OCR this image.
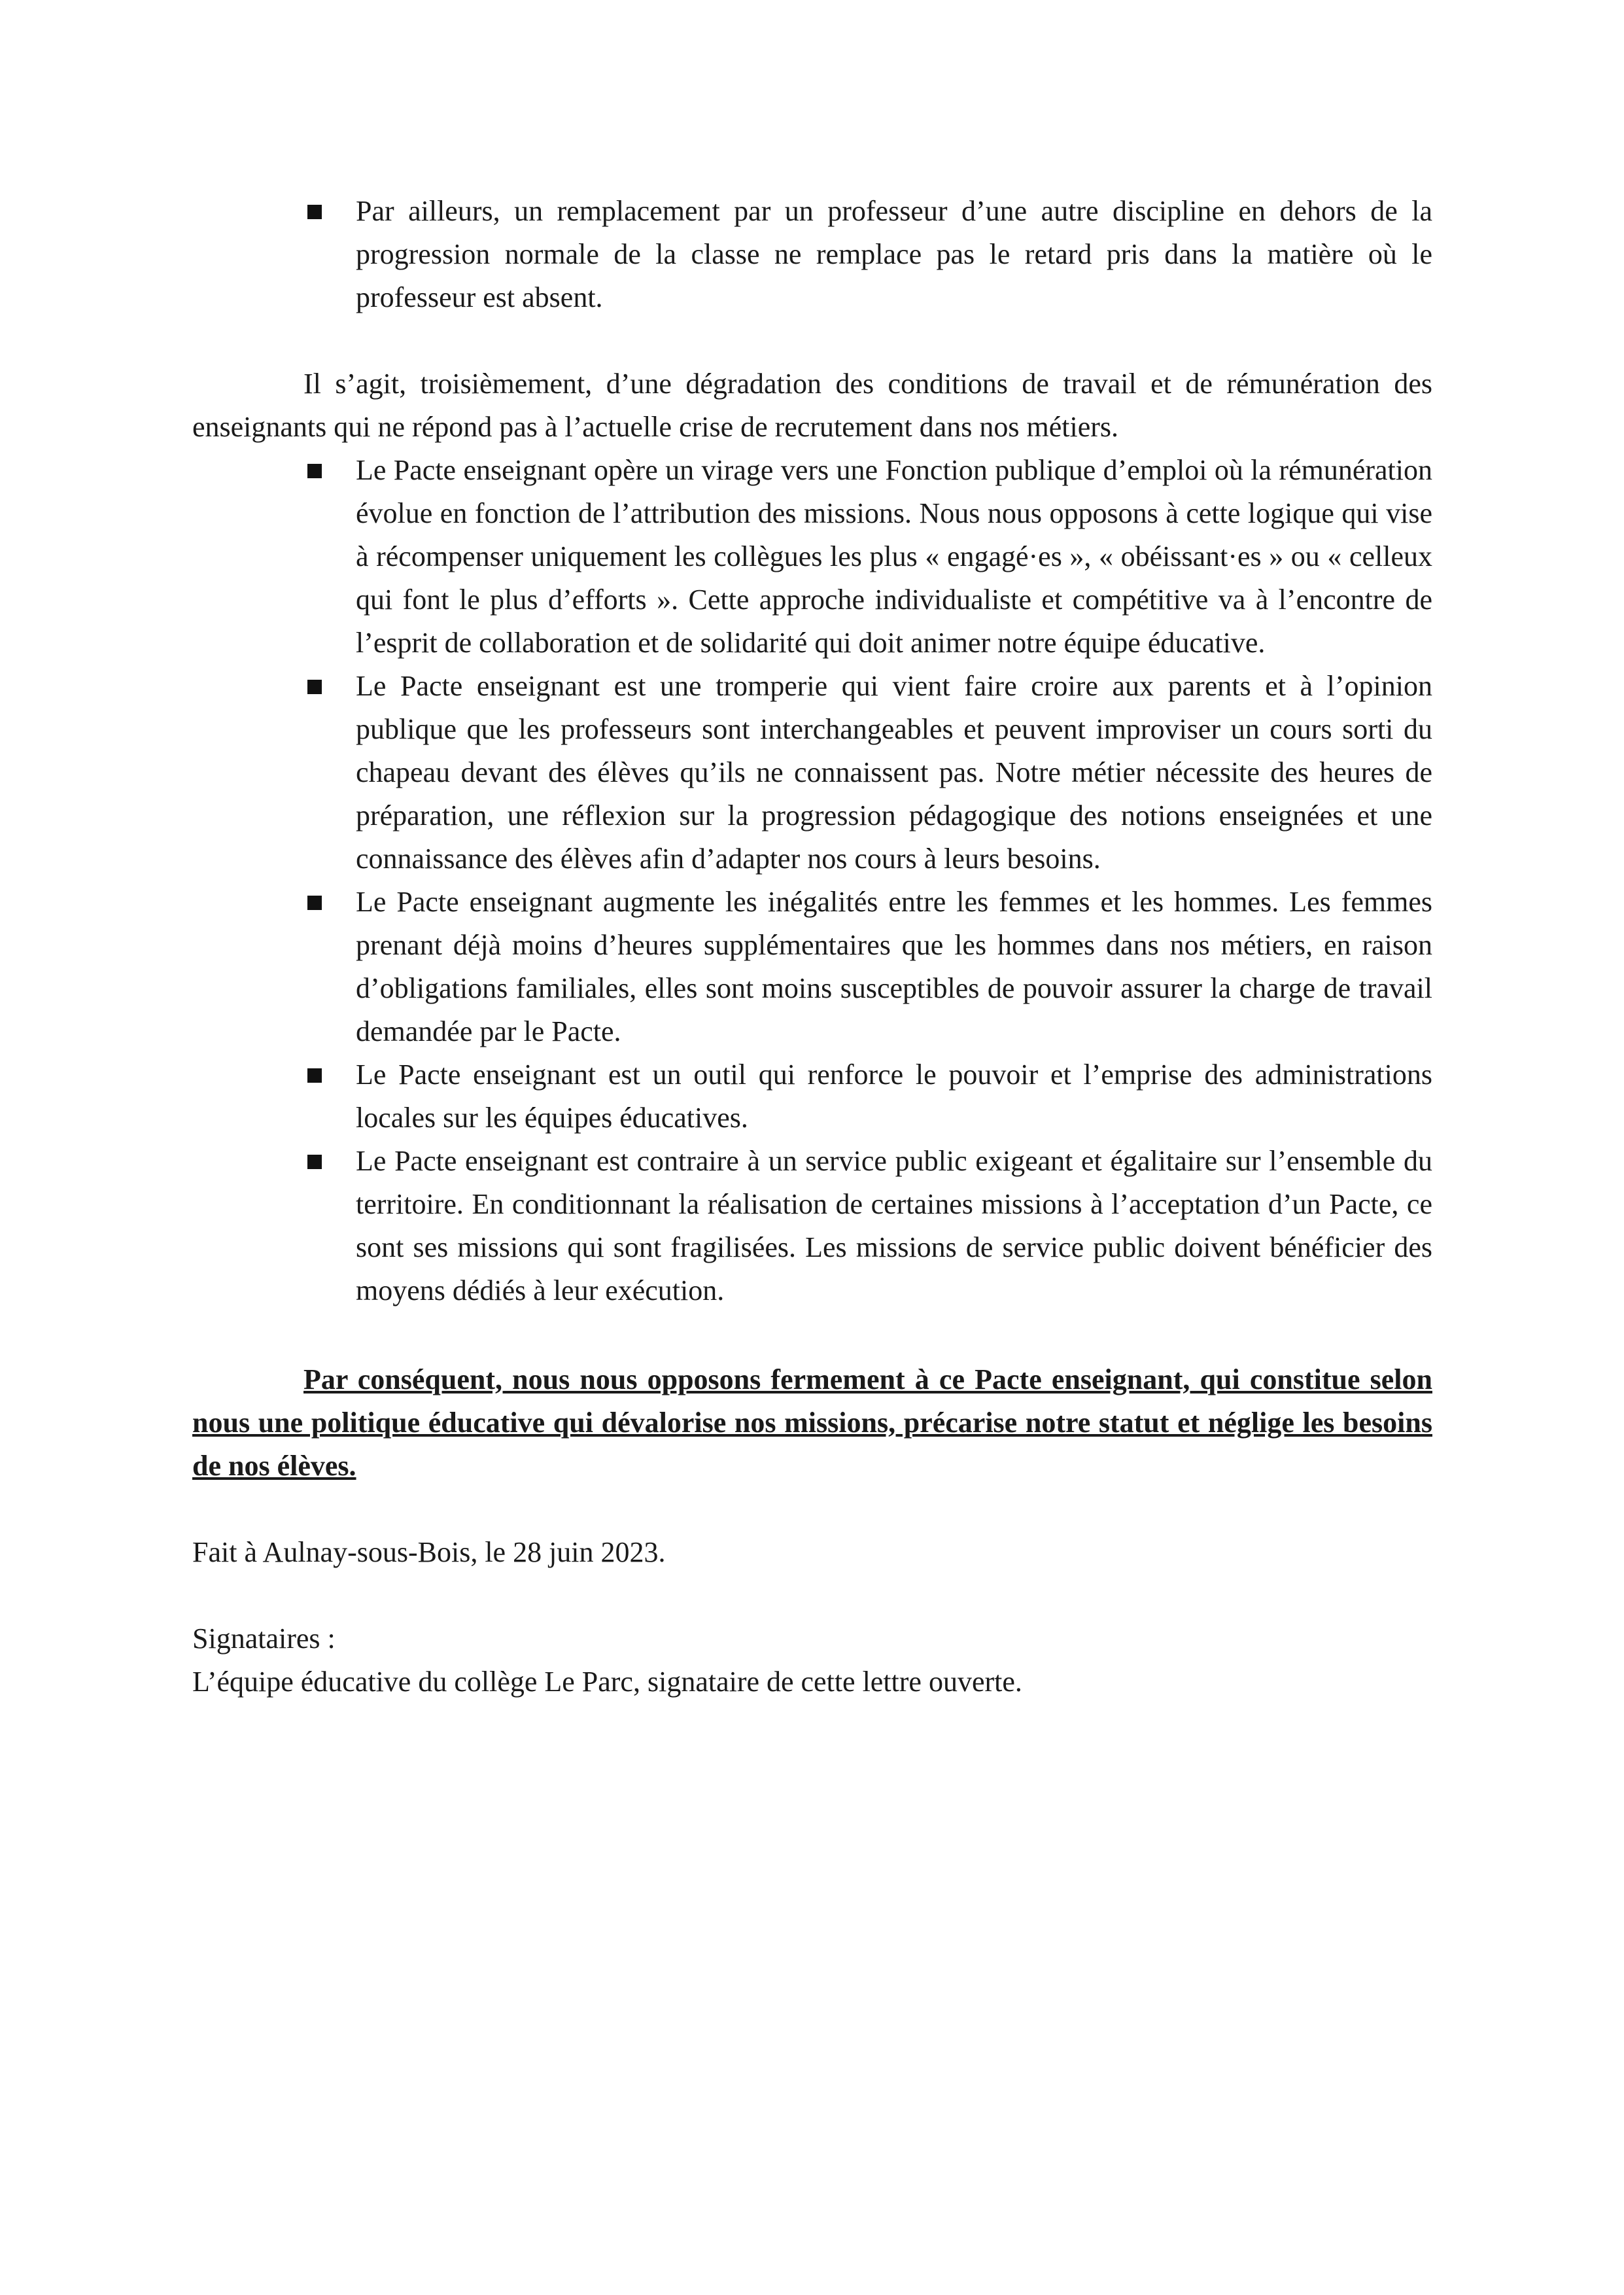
Par ailleurs, un remplacement par un professeur d’une autre discipline en dehors de la progression normale de la classe ne remplace pas le retard pris dans la matière où le professeur est absent.

Il s’agit, troisièmement, d’une dégradation des conditions de travail et de rémunération des enseignants qui ne répond pas à l’actuelle crise de recrutement dans nos métiers.

Le Pacte enseignant opère un virage vers une Fonction publique d’emploi où la rémunération évolue en fonction de l’attribution des missions. Nous nous opposons à cette logique qui vise à récompenser uniquement les collègues les plus « engagé·es », « obéissant·es » ou « celleux qui font le plus d’efforts ». Cette approche individualiste et compétitive va à l’encontre de l’esprit de collaboration et de solidarité qui doit animer notre équipe éducative.
Le Pacte enseignant est une tromperie qui vient faire croire aux parents et à l’opinion publique que les professeurs sont interchangeables et peuvent improviser un cours sorti du chapeau devant des élèves qu’ils ne connaissent pas. Notre métier nécessite des heures de préparation, une réflexion sur la progression pédagogique des notions enseignées et une connaissance des élèves afin d’adapter nos cours à leurs besoins.
Le Pacte enseignant augmente les inégalités entre les femmes et les hommes. Les femmes prenant déjà moins d’heures supplémentaires que les hommes dans nos métiers, en raison d’obligations familiales, elles sont moins susceptibles de pouvoir assurer la charge de travail demandée par le Pacte.
Le Pacte enseignant est un outil qui renforce le pouvoir et l’emprise des administrations locales sur les équipes éducatives.
Le Pacte enseignant est contraire à un service public exigeant et égalitaire sur l’ensemble du territoire. En conditionnant la réalisation de certaines missions à l’acceptation d’un Pacte, ce sont ses missions qui sont fragilisées. Les missions de service public doivent bénéficier des moyens dédiés à leur exécution.

Par conséquent, nous nous opposons fermement à ce Pacte enseignant, qui constitue selon nous une politique éducative qui dévalorise nos missions, précarise notre statut et néglige les besoins de nos élèves.

Fait à Aulnay-sous-Bois, le 28 juin 2023.

Signataires :

L’équipe éducative du collège Le Parc, signataire de cette lettre ouverte.
